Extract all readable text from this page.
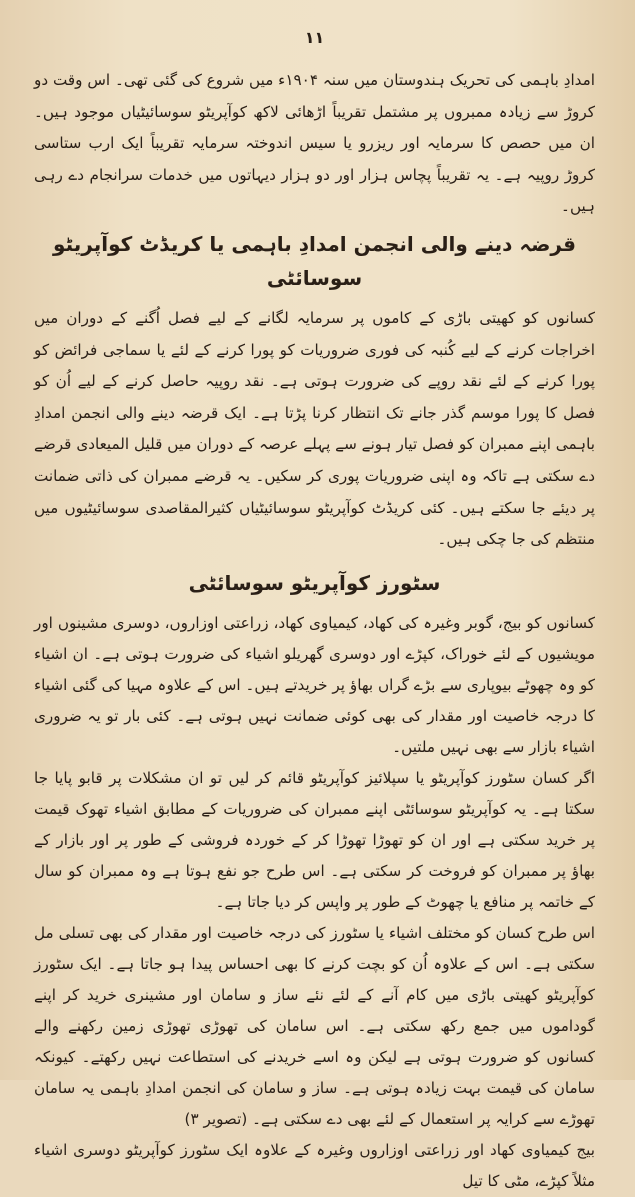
۱۱

امدادِ باہمی کی تحریک ہندوستان میں سنہ ۱۹۰۴ء میں شروع کی گئی تھی۔ اس وقت دو کروڑ سے زیادہ ممبروں پر مشتمل تقریباً اڑھائی لاکھ کوآپریٹو سوسائیٹیاں موجود ہیں۔ ان میں حصص کا سرمایہ اور ریزرو یا سیس اندوختہ سرمایہ تقریباً ایک ارب ستاسی کروڑ روپیہ ہے۔ یہ تقریباً پچاس ہزار اور دو ہزار دیہاتوں میں خدمات سرانجام دے رہی ہیں۔

قرضہ دینے والی انجمن امدادِ باہمی یا کریڈٹ کوآپریٹو سوسائٹی

کسانوں کو کھیتی باڑی کے کاموں پر سرمایہ لگانے کے لیے فصل اُگنے کے دوران میں اخراجات کرنے کے لیے کُنبہ کی فوری ضروریات کو پورا کرنے کے لئے یا سماجی فرائض کو پورا کرنے کے لئے نقد روپے کی ضرورت ہوتی ہے۔ نقد روپیہ حاصل کرنے کے لیے اُن کو فصل کا پورا موسم گذر جانے تک انتظار کرنا پڑتا ہے۔ ایک قرضہ دینے والی انجمن امدادِ باہمی اپنے ممبران کو فصل تیار ہونے سے پہلے عرصہ کے دوران میں قلیل المیعادی قرضے دے سکتی ہے تاکہ وہ اپنی ضروریات پوری کر سکیں۔ یہ قرضے ممبران کی ذاتی ضمانت پر دیئے جا سکتے ہیں۔ کئی کریڈٹ کوآپریٹو سوسائیٹیاں کثیرالمقاصدی سوسائیٹیوں میں منتظم کی جا چکی ہیں۔

سٹورز کوآپریٹو سوسائٹی

کسانوں کو بیج، گوبر وغیرہ کی کھاد، کیمیاوی کھاد، زراعتی اوزاروں، دوسری مشینوں اور مویشیوں کے لئے خوراک، کپڑے اور دوسری گھریلو اشیاء کی ضرورت ہوتی ہے۔ ان اشیاء کو وہ چھوٹے بیوپاری سے بڑے گراں بھاؤ پر خریدتے ہیں۔ اس کے علاوہ مہیا کی گئی اشیاء کا درجہ خاصیت اور مقدار کی بھی کوئی ضمانت نہیں ہوتی ہے۔ کئی بار تو یہ ضروری اشیاء بازار سے بھی نہیں ملتیں۔

اگر کسان سٹورز کوآپریٹو یا سپلائیز کوآپریٹو قائم کر لیں تو ان مشکلات پر قابو پایا جا سکتا ہے۔ یہ کوآپریٹو سوسائٹی اپنے ممبران کی ضروریات کے مطابق اشیاء تھوک قیمت پر خرید سکتی ہے اور ان کو تھوڑا تھوڑا کر کے خوردہ فروشی کے طور پر اور بازار کے بھاؤ پر ممبران کو فروخت کر سکتی ہے۔ اس طرح جو نفع ہوتا ہے وہ ممبران کو سال کے خاتمہ پر منافع یا چھوٹ کے طور پر واپس کر دیا جاتا ہے۔

اس طرح کسان کو مختلف اشیاء یا سٹورز کی درجہ خاصیت اور مقدار کی بھی تسلی مل سکتی ہے۔ اس کے علاوہ اُن کو بچت کرنے کا بھی احساس پیدا ہو جاتا ہے۔ ایک سٹورز کوآپریٹو کھیتی باڑی میں کام آنے کے لئے نئے ساز و سامان اور مشینری خرید کر اپنے گوداموں میں جمع رکھ سکتی ہے۔ اس سامان کی تھوڑی تھوڑی زمین رکھنے والے کسانوں کو ضرورت ہوتی ہے لیکن وہ اسے خریدنے کی استطاعت نہیں رکھتے۔ کیونکہ سامان کی قیمت بہت زیادہ ہوتی ہے۔ ساز و سامان کی انجمن امدادِ باہمی یہ سامان تھوڑے سے کرایہ پر استعمال کے لئے بھی دے سکتی ہے۔ (تصویر ۳)

بیج کیمیاوی کھاد اور زراعتی اوزاروں وغیرہ کے علاوہ ایک سٹورز کوآپریٹو دوسری اشیاء مثلاً کپڑے، مٹی کا تیل
